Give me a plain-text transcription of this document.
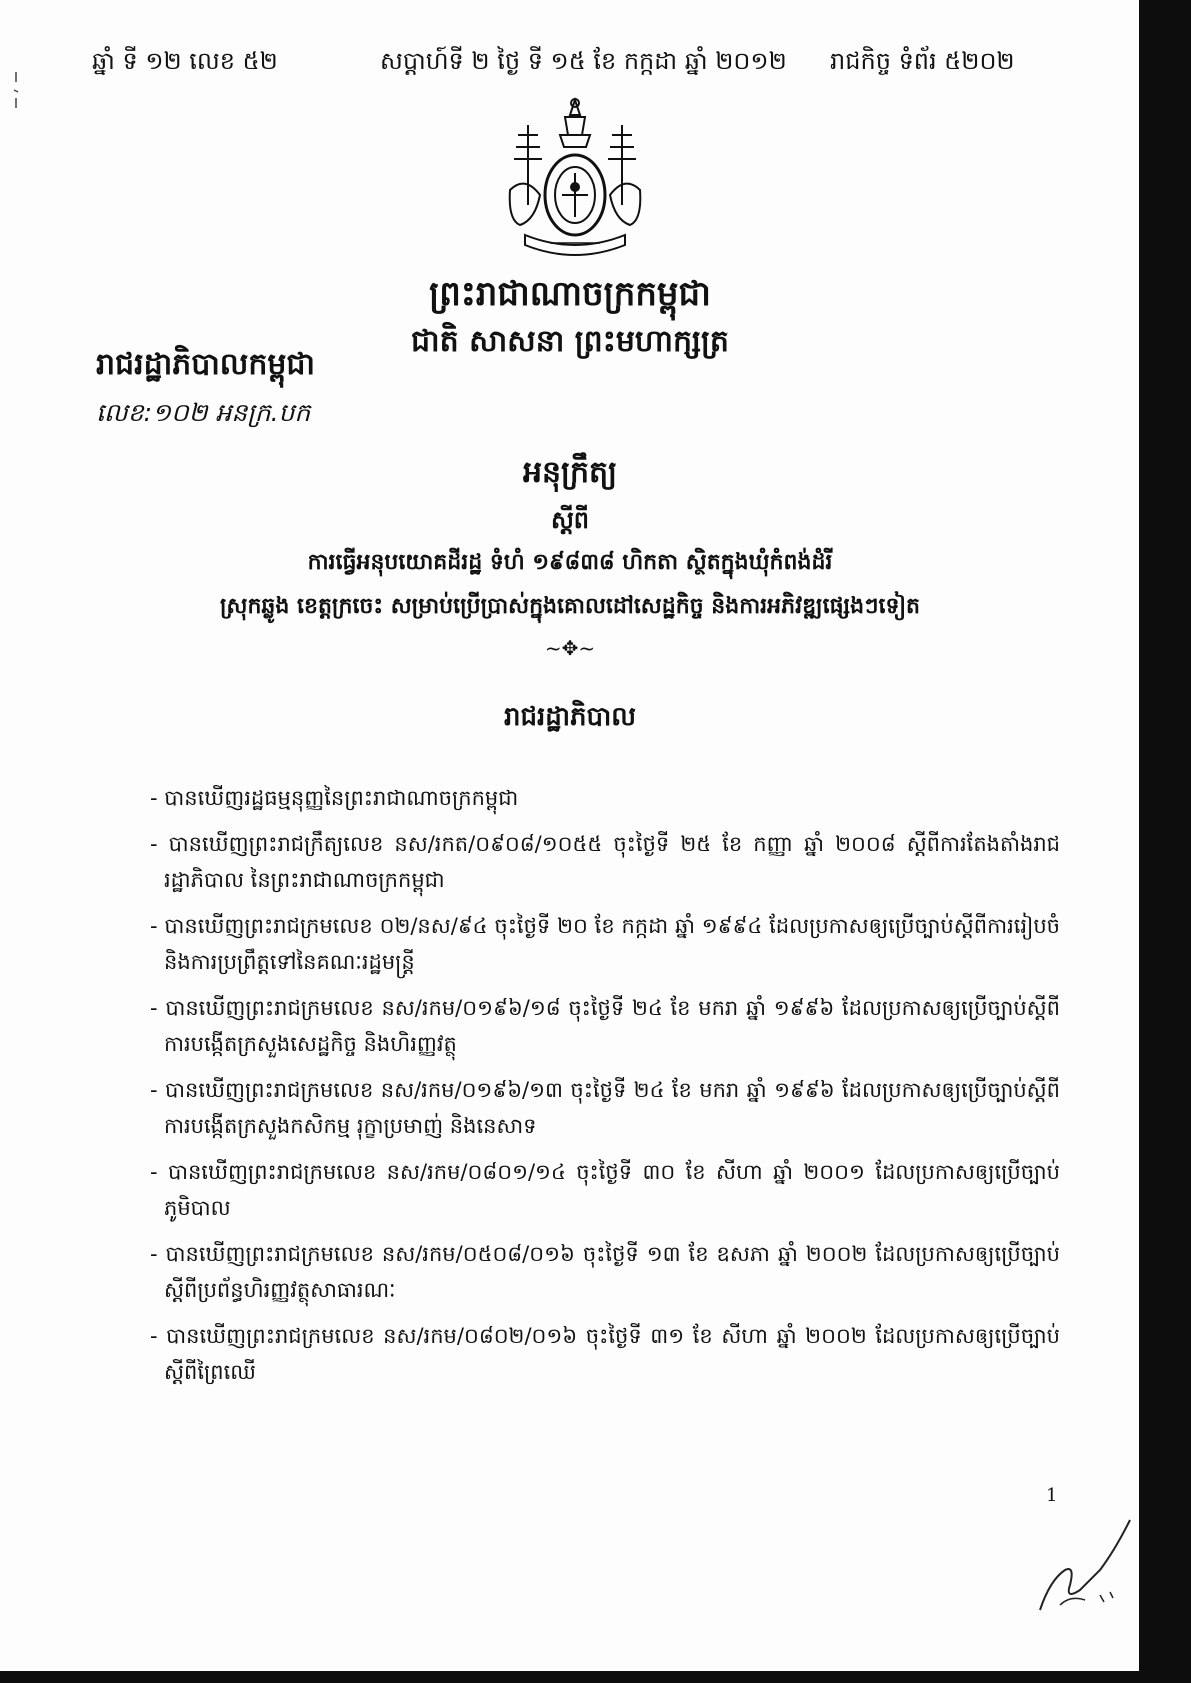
ឆ្នាំ ទី ១២ លេខ ៥២	សប្តាហ៍ទី ២ ថ្ងៃ ទី ១៥ ខែ កក្កដា ឆ្នាំ ២០១២ រាជកិច្ច ទំព័រ ៥២០២
ព្រះរាជាណាចក្រកម្ពុជា
ជាតិ សាសនា ព្រះមហាក្សត្រ
រាជរដ្ឋាភិបាលកម្ពុជា
លេខ:១០២ អនក្រ.បក
អនុក្រឹត្យ
ស្តីពី
ការធ្វើអនុបយោគដីរដ្ឋ ទំហំ ១៩៨៣៨ ហិកតា ស្ថិតក្នុងឃុំកំពង់ដំរី
ស្រុកឆ្លូង ខេត្តក្រចេះ សម្រាប់ប្រើប្រាស់ក្នុងគោលដៅសេដ្ឋកិច្ច និងការអភិវឌ្ឍផ្សេងៗទៀត
~✥~
រាជរដ្ឋាភិបាល
- បានឃើញរដ្ឋធម្មនុញ្ញនៃព្រះរាជាណាចក្រកម្ពុជា
- បានឃើញព្រះរាជក្រឹត្យលេខ នស/រកត/០៩០៨/១០៥៥ ចុះថ្ងៃទី ២៥ ខែ កញ្ញា ឆ្នាំ ២០០៨ ស្តីពីការតែងតាំងរាជរដ្ឋាភិបាល នៃព្រះរាជាណាចក្រកម្ពុជា
- បានឃើញព្រះរាជក្រមលេខ ០២/នស/៩៤ ចុះថ្ងៃទី ២០ ខែ កក្កដា ឆ្នាំ ១៩៩៤ ដែលប្រកាសឲ្យប្រើច្បាប់ស្តីពីការរៀបចំ និងការប្រព្រឹត្តទៅនៃគណៈរដ្ឋមន្ត្រី
- បានឃើញព្រះរាជក្រមលេខ នស/រកម/០១៩៦/១៨ ចុះថ្ងៃទី ២៤ ខែ មករា ឆ្នាំ ១៩៩៦ ដែលប្រកាសឲ្យប្រើច្បាប់ស្តីពីការបង្កើតក្រសួងសេដ្ឋកិច្ច និងហិរញ្ញវត្ថុ
- បានឃើញព្រះរាជក្រមលេខ នស/រកម/០១៩៦/១៣ ចុះថ្ងៃទី ២៤ ខែ មករា ឆ្នាំ ១៩៩៦ ដែលប្រកាសឲ្យប្រើច្បាប់ស្តីពីការបង្កើតក្រសួងកសិកម្ម រុក្ខាប្រមាញ់ និងនេសាទ
- បានឃើញព្រះរាជក្រមលេខ នស/រកម/០៨០១/១៤ ចុះថ្ងៃទី ៣០ ខែ សីហា ឆ្នាំ ២០០១ ដែលប្រកាសឲ្យប្រើច្បាប់ភូមិបាល
- បានឃើញព្រះរាជក្រមលេខ នស/រកម/០៥០៨/០១៦ ចុះថ្ងៃទី ១៣ ខែ ឧសភា ឆ្នាំ ២០០២ ដែលប្រកាសឲ្យប្រើច្បាប់ស្តីពីប្រព័ន្ធហិរញ្ញវត្ថុសាធារណៈ
- បានឃើញព្រះរាជក្រមលេខ នស/រកម/០៨០២/០១៦ ចុះថ្ងៃទី ៣១ ខែ សីហា ឆ្នាំ ២០០២ ដែលប្រកាសឲ្យប្រើច្បាប់ស្តីពីព្រៃឈើ
1
